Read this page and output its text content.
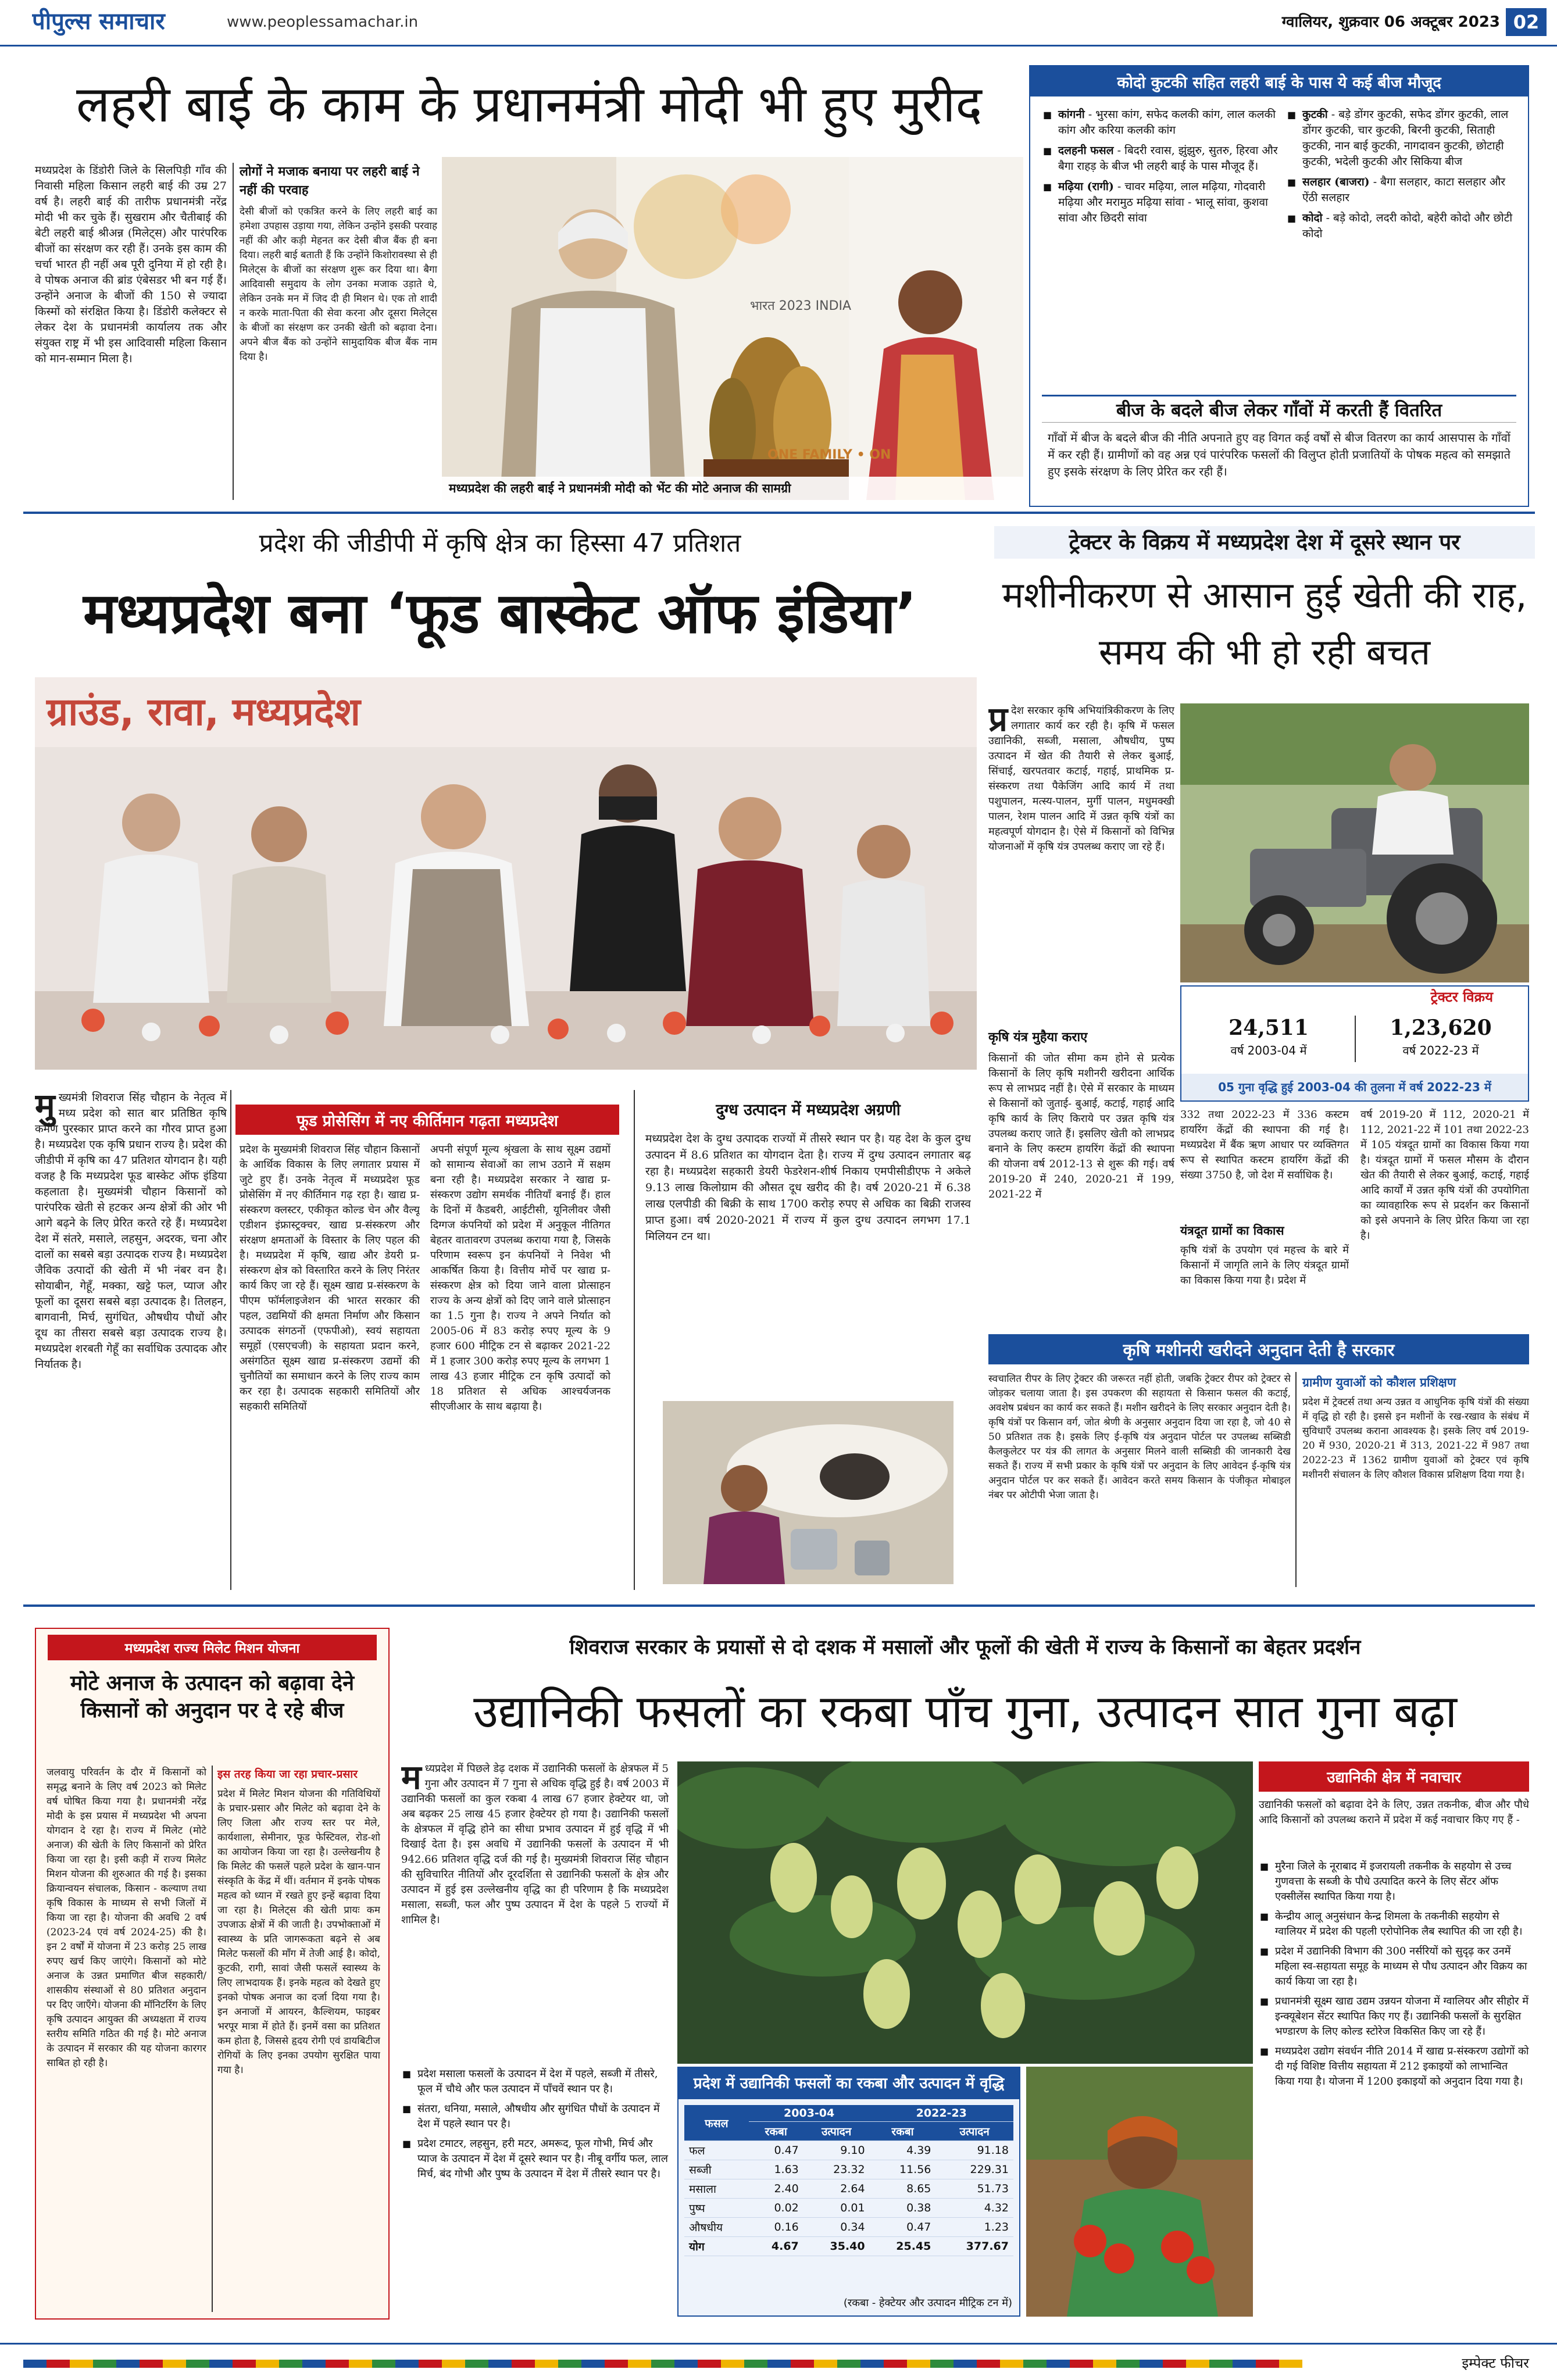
पीपुल्स समाचार	www.peoplessamachar.in	ग्वालियर, शुक्रवार 06 अक्टूबर 2023 02
लहरी बाई के काम के प्रधानमंत्री मोदी भी हुए मुरीद
मध्यप्रदेश के डिंडोरी जिले के सिलपिड़ी गाँव की निवासी महिला किसान लहरी बाई की उम्र 27 वर्ष है। लहरी बाई की तारीफ प्रधानमंत्री नरेंद्र मोदी भी कर चुके हैं। सुखराम और चैतीबाई की बेटी लहरी बाई श्रीअन्न (मिलेट्स) और पारंपरिक बीजों का संरक्षण कर रही हैं। उनके इस काम की चर्चा भारत ही नहीं अब पूरी दुनिया में हो रही है। वे पोषक अनाज की ब्रांड एंबेसडर भी बन गई हैं। उन्होंने अनाज के बीजों की 150 से ज्यादा किस्मों को संरक्षित किया है। डिंडोरी कलेक्टर से लेकर देश के प्रधानमंत्री कार्यालय तक और संयुक्त राष्ट्र में भी इस आदिवासी महिला किसान को मान-सम्मान मिला है।
लोगों ने मजाक बनाया पर लहरी बाई ने नहीं की परवाह
देसी बीजों को एकत्रित करने के लिए लहरी बाई का हमेशा उपहास उड़ाया गया, लेकिन उन्होंने इसकी परवाह नहीं की और कड़ी मेहनत कर देसी बीज बैंक ही बना दिया। लहरी बाई बताती हैं कि उन्होंने किशोरावस्था से ही मिलेट्स के बीजों का संरक्षण शुरू कर दिया था। बैगा आदिवासी समुदाय के लोग उनका मजाक उड़ाते थे, लेकिन उनके मन में जिद दी ही मिशन थे। एक तो शादी न करके माता-पिता की सेवा करना और दूसरा मिलेट्स के बीजों का संरक्षण कर उनकी खेती को बढ़ावा देना। अपने बीज बैंक को उन्होंने सामुदायिक बीज बैंक नाम दिया है।
भारत 2023 INDIA
ONE FAMILY • ON
मध्यप्रदेश की लहरी बाई ने प्रधानमंत्री मोदी को भेंट की मोटे अनाज की सामग्री
कोदो कुटकी सहित लहरी बाई के पास ये कई बीज मौजूद
■ कांगनी - भुरसा कांग, सफेद कलकी कांग, लाल कलकी कांग और करिया कलकी कांग
■ दलहनी फसल - बिदरी रवास, झुंझुरु, सुतरु, हिरवा और बैगा राहड़ के बीज भी लहरी बाई के पास मौजूद हैं।
■ मढ़िया (रागी) - चावर मढ़िया, लाल मढ़िया, गोदवारी मढ़िया और मरामुठ मढ़िया सांवा - भालू सांवा, कुशवा सांवा और छिदरी सांवा
■ कुटकी - बड़े डोंगर कुटकी, सफेद डोंगर कुटकी, लाल डोंगर कुटकी, चार कुटकी, बिरनी कुटकी, सिताही कुटकी, नान बाई कुटकी, नागदावन कुटकी, छोटाही कुटकी, भदेली कुटकी और सिकिया बीज
■ सलहार (बाजरा) - बैगा सलहार, काटा सलहार और ऐंठी सलहार
■ कोदो - बड़े कोदो, लदरी कोदो, बहेरी कोदो और छोटी कोदो
बीज के बदले बीज लेकर गाँवों में करती हैं वितरित
गाँवों में बीज के बदले बीज की नीति अपनाते हुए वह विगत कई वर्षों से बीज वितरण का कार्य आसपास के गाँवों में कर रही हैं। ग्रामीणों को वह अन्न एवं पारंपरिक फसलों की विलुप्त होती प्रजातियों के पोषक महत्व को समझाते हुए इसके संरक्षण के लिए प्रेरित कर रही हैं।
प्रदेश की जीडीपी में कृषि क्षेत्र का हिस्सा 47 प्रतिशत
मध्यप्रदेश बना ‘फूड बास्केट ऑफ इंडिया’
ग्राउंड, रावा, मध्यप्रदेश
मुख्यमंत्री शिवराज सिंह चौहान के नेतृत्व में मध्य प्रदेश को सात बार प्रतिष्ठित कृषि कर्मण पुरस्कार प्राप्त करने का गौरव प्राप्त हुआ है। मध्यप्रदेश एक कृषि प्रधान राज्य है। प्रदेश की जीडीपी में कृषि का 47 प्रतिशत योगदान है। यही वजह है कि मध्यप्रदेश फूड बास्केट ऑफ इंडिया कहलाता है। मुख्यमंत्री चौहान किसानों को पारंपरिक खेती से हटकर अन्य क्षेत्रों की ओर भी आगे बढ़ने के लिए प्रेरित करते रहे हैं। मध्यप्रदेश देश में संतरे, मसाले, लहसुन, अदरक, चना और दालों का सबसे बड़ा उत्पादक राज्य है। मध्यप्रदेश जैविक उत्पादों की खेती में भी नंबर वन है। सोयाबीन, गेहूँ, मक्का, खट्टे फल, प्याज और फूलों का दूसरा सबसे बड़ा उत्पादक है। तिलहन, बागवानी, मिर्च, सुगंधित, औषधीय पौधों और दूध का तीसरा सबसे बड़ा उत्पादक राज्य है। मध्यप्रदेश शरबती गेहूँ का सर्वाधिक उत्पादक और निर्यातक है।
फूड प्रोसेसिंग में नए कीर्तिमान गढ़ता मध्यप्रदेश
प्रदेश के मुख्यमंत्री शिवराज सिंह चौहान किसानों के आर्थिक विकास के लिए लगातार प्रयास में जुटे हुए हैं। उनके नेतृत्व में मध्यप्रदेश फूड प्रोसेसिंग में नए कीर्तिमान गढ़ रहा है। खाद्य प्र-संस्करण क्लस्टर, एकीकृत कोल्ड चेन और वैल्यू एडीशन इंफ्रास्ट्रक्चर, खाद्य प्र-संस्करण और संरक्षण क्षमताओं के विस्तार के लिए पहल की है। मध्यप्रदेश में कृषि, खाद्य और डेयरी प्र-संस्करण क्षेत्र को विस्तारित करने के लिए निरंतर कार्य किए जा रहे हैं। सूक्ष्म खाद्य प्र-संस्करण के पीएम फॉर्मलाइजेशन की भारत सरकार की पहल, उद्यमियों की क्षमता निर्माण और किसान उत्पादक संगठनों (एफपीओ), स्वयं सहायता समूहों (एसएचजी) के सहायता प्रदान करने, असंगठित सूक्ष्म खाद्य प्र-संस्करण उद्यमों की चुनौतियों का समाधान करने के लिए राज्य काम कर रहा है। उत्पादक सहकारी समितियों और सहकारी समितियों
अपनी संपूर्ण मूल्य श्रृंखला के साथ सूक्ष्म उद्यमों को सामान्य सेवाओं का लाभ उठाने में सक्षम बना रही है। मध्यप्रदेश सरकार ने खाद्य प्र-संस्करण उद्योग समर्थक नीतियाँ बनाई हैं। हाल के दिनों में कैडबरी, आईटीसी, यूनिलीवर जैसी दिग्गज कंपनियों को प्रदेश में अनुकूल नीतिगत बेहतर वातावरण उपलब्ध कराया गया है, जिसके परिणाम स्वरूप इन कंपनियों ने निवेश भी आकर्षित किया है। वित्तीय मोर्चे पर खाद्य प्र-संस्करण क्षेत्र को दिया जाने वाला प्रोत्साहन राज्य के अन्य क्षेत्रों को दिए जाने वाले प्रोत्साहन का 1.5 गुना है। राज्य ने अपने निर्यात को 2005-06 में 83 करोड़ रुपए मूल्य के 9 हजार 600 मीट्रिक टन से बढ़ाकर 2021-22 में 1 हजार 300 करोड़ रुपए मूल्य के लगभग 1 लाख 43 हजार मीट्रिक टन कृषि उत्पादों को 18 प्रतिशत से अधिक आश्चर्यजनक सीएजीआर के साथ बढ़ाया है।
दुग्ध उत्पादन में मध्यप्रदेश अग्रणी
मध्यप्रदेश देश के दुग्ध उत्पादक राज्यों में तीसरे स्थान पर है। यह देश के कुल दुग्ध उत्पादन में 8.6 प्रतिशत का योगदान देता है। राज्य में दुग्ध उत्पादन लगातार बढ़ रहा है। मध्यप्रदेश सहकारी डेयरी फेडरेशन-शीर्ष निकाय एमपीसीडीएफ ने अकेले 9.13 लाख किलोग्राम की औसत दूध खरीद की है। वर्ष 2020-21 में 6.38 लाख एलपीडी की बिक्री के साथ 1700 करोड़ रुपए से अधिक का बिक्री राजस्व प्राप्त हुआ। वर्ष 2020-2021 में राज्य में कुल दुग्ध उत्पादन लगभग 17.1 मिलियन टन था।
ट्रेक्टर के विक्रय में मध्यप्रदेश देश में दूसरे स्थान पर
मशीनीकरण से आसान हुई खेती की राह, समय की भी हो रही बचत
प्र देश सरकार कृषि अभियांत्रिकीकरण के लिए लगातार कार्य कर रही है। कृषि में फसल उद्यानिकी, सब्जी, मसाला, औषधीय, पुष्प उत्पादन में खेत की तैयारी से लेकर बुआई, सिंचाई, खरपतवार कटाई, गहाई, प्राथमिक प्र-संस्करण तथा पैकेजिंग आदि कार्य में तथा पशुपालन, मत्स्य-पालन, मुर्गी पालन, मधुमक्खी पालन, रेशम पालन आदि में उन्नत कृषि यंत्रों का महत्वपूर्ण योगदान है। ऐसे में किसानों को विभिन्न योजनाओं में कृषि यंत्र उपलब्ध कराए जा रहे हैं।
कृषि यंत्र मुहैया कराए
किसानों की जोत सीमा कम होने से प्रत्येक किसानों के लिए कृषि मशीनरी खरीदना आर्थिक रूप से लाभप्रद नहीं है। ऐसे में सरकार के माध्यम से किसानों को जुताई- बुआई, कटाई, गहाई आदि कृषि कार्य के लिए किराये पर उन्नत कृषि यंत्र उपलब्ध कराए जाते हैं। इसलिए खेती को लाभप्रद बनाने के लिए कस्टम हायरिंग केंद्रों की स्थापना की योजना वर्ष 2012-13 से शुरू की गई। वर्ष 2019-20 में 240, 2020-21 में 199, 2021-22 में
ट्रेक्टर विक्रय
24,511
वर्ष 2003-04 में
1,23,620
वर्ष 2022-23 में
05 गुना वृद्धि हुई 2003-04 की तुलना में वर्ष 2022-23 में
332 तथा 2022-23 में 336 कस्टम हायरिंग केंद्रों की स्थापना की गई है। मध्यप्रदेश में बैंक ऋण आधार पर व्यक्तिगत रूप से स्थापित कस्टम हायरिंग केंद्रों की संख्या 3750 है, जो देश में सर्वाधिक है।
यंत्रदूत ग्रामों का विकास
कृषि यंत्रों के उपयोग एवं महत्त्व के बारे में किसानों में जागृति लाने के लिए यंत्रदूत ग्रामों का विकास किया गया है। प्रदेश में
वर्ष 2019-20 में 112, 2020-21 में 112, 2021-22 में 101 तथा 2022-23 में 105 यंत्रदूत ग्रामों का विकास किया गया है। यंत्रदूत ग्रामों में फसल मौसम के दौरान खेत की तैयारी से लेकर बुआई, कटाई, गहाई आदि कार्यों में उन्नत कृषि यंत्रों की उपयोगिता का व्यावहारिक रूप से प्रदर्शन कर किसानों को इसे अपनाने के लिए प्रेरित किया जा रहा है।
कृषि मशीनरी खरीदने अनुदान देती है सरकार
स्वचालित रीपर के लिए ट्रेक्टर की जरूरत नहीं होती, जबकि ट्रेक्टर रीपर को ट्रेक्टर से जोड़कर चलाया जाता है। इस उपकरण की सहायता से किसान फसल की कटाई, अवशेष प्रबंधन का कार्य कर सकते हैं। मशीन खरीदने के लिए सरकार अनुदान देती है। कृषि यंत्रों पर किसान वर्ग, जोत श्रेणी के अनुसार अनुदान दिया जा रहा है, जो 40 से 50 प्रतिशत तक है। इसके लिए ई-कृषि यंत्र अनुदान पोर्टल पर उपलब्ध सब्सिडी कैलकुलेटर पर यंत्र की लागत के अनुसार मिलने वाली सब्सिडी की जानकारी देख सकते हैं। राज्य में सभी प्रकार के कृषि यंत्रों पर अनुदान के लिए आवेदन ई-कृषि यंत्र अनुदान पोर्टल पर कर सकते हैं। आवेदन करते समय किसान के पंजीकृत मोबाइल नंबर पर ओटीपी भेजा जाता है।
ग्रामीण युवाओं को कौशल प्रशिक्षण
प्रदेश में ट्रेक्टर्स तथा अन्य उन्नत व आधुनिक कृषि यंत्रों की संख्या में वृद्धि हो रही है। इससे इन मशीनों के रख-रखाव के संबंध में सुविधाएँ उपलब्ध कराना आवश्यक है। इसके लिए वर्ष 2019-20 में 930, 2020-21 में 313, 2021-22 में 987 तथा 2022-23 में 1362 ग्रामीण युवाओं को ट्रेक्टर एवं कृषि मशीनरी संचालन के लिए कौशल विकास प्रशिक्षण दिया गया है।
मध्यप्रदेश राज्य मिलेट मिशन योजना
मोटे अनाज के उत्पादन को बढ़ावा देने किसानों को अनुदान पर दे रहे बीज
जलवायु परिवर्तन के दौर में किसानों को समृद्ध बनाने के लिए वर्ष 2023 को मिलेट वर्ष घोषित किया गया है। प्रधानमंत्री नरेंद्र मोदी के इस प्रयास में मध्यप्रदेश भी अपना योगदान दे रहा है। राज्य में मिलेट (मोटे अनाज) की खेती के लिए किसानों को प्रेरित किया जा रहा है। इसी कड़ी में राज्य मिलेट मिशन योजना की शुरुआत की गई है। इसका क्रियान्वयन संचालक, किसान - कल्याण तथा कृषि विकास के माध्यम से सभी जिलों में किया जा रहा है। योजना की अवधि 2 वर्ष (2023-24 एवं वर्ष 2024-25) की है। इन 2 वर्षों में योजना में 23 करोड़ 25 लाख रुपए खर्च किए जाएंगे। किसानों को मोटे अनाज के उन्नत प्रमाणित बीज सहकारी/शासकीय संस्थाओं से 80 प्रतिशत अनुदान पर दिए जाएँगे। योजना की मॉनिटरिंग के लिए कृषि उत्पादन आयुक्त की अध्यक्षता में राज्य स्तरीय समिति गठित की गई है। मोटे अनाज के उत्पादन में सरकार की यह योजना कारगर साबित हो रही है।
इस तरह किया जा रहा प्रचार-प्रसार
प्रदेश में मिलेट मिशन योजना की गतिविधियों के प्रचार-प्रसार और मिलेट को बढ़ावा देने के लिए जिला और राज्य स्तर पर मेले, कार्यशाला, सेमीनार, फूड फेस्टिवल, रोड-शो का आयोजन किया जा रहा है। उल्लेखनीय है कि मिलेट की फसलें पहले प्रदेश के खान-पान संस्कृति के केंद्र में थीं। वर्तमान में इनके पोषक महत्व को ध्यान में रखते हुए इन्हें बढ़ावा दिया जा रहा है। मिलेट्स की खेती प्रायः कम उपजाऊ क्षेत्रों में की जाती है। उपभोक्ताओं में स्वास्थ्य के प्रति जागरूकता बढ़ने से अब मिलेट फसलों की माँग में तेजी आई है। कोदो, कुटकी, रागी, सावां जैसी फसलें स्वास्थ्य के लिए लाभदायक हैं। इनके महत्व को देखते हुए इनको पोषक अनाज का दर्जा दिया गया है। इन अनाजों में आयरन, कैल्शियम, फाइबर भरपूर मात्रा में होते हैं। इनमें वसा का प्रतिशत कम होता है, जिससे हृदय रोगी एवं डायबिटीज रोगियों के लिए इनका उपयोग सुरक्षित पाया गया है।
शिवराज सरकार के प्रयासों से दो दशक में मसालों और फूलों की खेती में राज्य के किसानों का बेहतर प्रदर्शन
उद्यानिकी फसलों का रकबा पाँच गुना, उत्पादन सात गुना बढ़ा
मध्यप्रदेश में पिछले डेढ़ दशक में उद्यानिकी फसलों के क्षेत्रफल में 5 गुना और उत्पादन में 7 गुना से अधिक वृद्धि हुई है। वर्ष 2003 में उद्यानिकी फसलों का कुल रकबा 4 लाख 67 हजार हेक्टेयर था, जो अब बढ़कर 25 लाख 45 हजार हेक्टेयर हो गया है। उद्यानिकी फसलों के क्षेत्रफल में वृद्धि होने का सीधा प्रभाव उत्पादन में हुई वृद्धि में भी दिखाई देता है। इस अवधि में उद्यानिकी फसलों के उत्पादन में भी 942.66 प्रतिशत वृद्धि दर्ज की गई है। मुख्यमंत्री शिवराज सिंह चौहान की सुविचारित नीतियों और दूरदर्शिता से उद्यानिकी फसलों के क्षेत्र और उत्पादन में हुई इस उल्लेखनीय वृद्धि का ही परिणाम है कि मध्यप्रदेश मसाला, सब्जी, फल और पुष्प उत्पादन में देश के पहले 5 राज्यों में शामिल है।
■ प्रदेश मसाला फसलों के उत्पादन में देश में पहले, सब्जी में तीसरे, फूल में चौथे और फल उत्पादन में पाँचवें स्थान पर है।
■ संतरा, धनिया, मसाले, औषधीय और सुगंधित पौधों के उत्पादन में देश में पहले स्थान पर है।
■ प्रदेश टमाटर, लहसुन, हरी मटर, अमरूद, फूल गोभी, मिर्च और प्याज के उत्पादन में देश में दूसरे स्थान पर है। नीबू वर्गीय फल, लाल मिर्च, बंद गोभी और पुष्प के उत्पादन में देश में तीसरे स्थान पर है।
प्रदेश में उद्यानिकी फसलों का रकबा और उत्पादन में वृद्धि
फसल	2003-04		2022-23	
	रकबा	उत्पादन	रकबा	उत्पादन
फल	0.47	9.10	4.39	91.18
सब्जी	1.63	23.32	11.56	229.31
मसाला	2.40	2.64	8.65	51.73
पुष्प	0.02	0.01	0.38	4.32
औषधीय	0.16	0.34	0.47	1.23
योग	4.67	35.40	25.45	377.67
(रकबा - हेक्टेयर और उत्पादन मीट्रिक टन में)
उद्यानिकी क्षेत्र में नवाचार
उद्यानिकी फसलों को बढ़ावा देने के लिए, उन्नत तकनीक, बीज और पौधे आदि किसानों को उपलब्ध कराने में प्रदेश में कई नवाचार किए गए हैं -
■ मुरैना जिले के नूराबाद में इजरायली तकनीक के सहयोग से उच्च गुणवत्ता के सब्जी के पौधे उत्पादित करने के लिए सेंटर ऑफ एक्सीलेंस स्थापित किया गया है।
■ केन्द्रीय आलू अनुसंधान केन्द्र शिमला के तकनीकी सहयोग से ग्वालियर में प्रदेश की पहली एरोपोनिक लैब स्थापित की जा रही है।
■ प्रदेश में उद्यानिकी विभाग की 300 नर्सरियों को सुदृढ़ कर उनमें महिला स्व-सहायता समूह के माध्यम से पौध उत्पादन और विक्रय का कार्य किया जा रहा है।
■ प्रधानमंत्री सूक्ष्म खाद्य उद्यम उन्नयन योजना में ग्वालियर और सीहोर में इन्क्यूबेशन सेंटर स्थापित किए गए हैं। उद्यानिकी फसलों के सुरक्षित भण्डारण के लिए कोल्ड स्टोरेज विकसित किए जा रहे हैं।
■ मध्यप्रदेश उद्योग संवर्धन नीति 2014 में खाद्य प्र-संस्करण उद्योगों को दी गई विशिष्ट वित्तीय सहायता में 212 इकाइयों को लाभान्वित किया गया है। योजना में 1200 इकाइयों को अनुदान दिया गया है।
इम्पेक्ट फीचर
